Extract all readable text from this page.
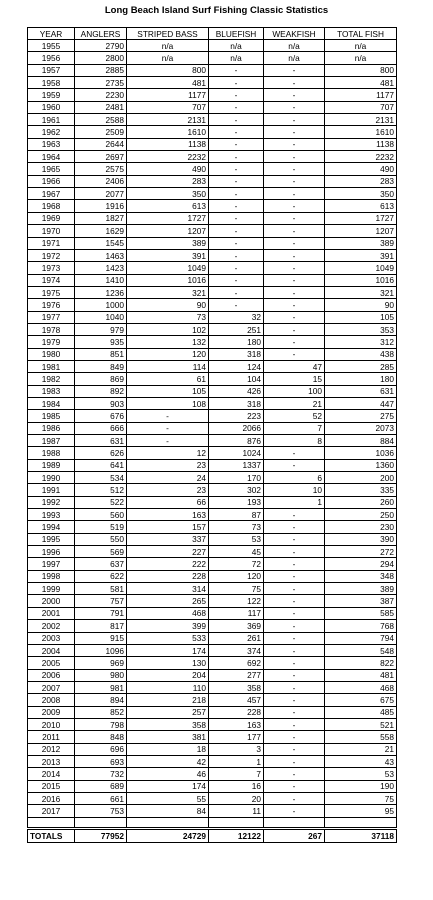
Long Beach Island Surf Fishing Classic Statistics
YEAR	ANGLERS	STRIPED BASS	BLUEFISH	WEAKFISH	TOTAL FISH
1955	2790	n/a	n/a	n/a	n/a
1956	2800	n/a	n/a	n/a	n/a
1957	2885	800	-	-	800
1958	2735	481	-	-	481
1959	2230	1177	-	-	1177
1960	2481	707	-	-	707
1961	2588	2131	-	-	2131
1962	2509	1610	-	-	1610
1963	2644	1138	-	-	1138
1964	2697	2232	-	-	2232
1965	2575	490	-	-	490
1966	2406	283	-	-	283
1967	2077	350	-	-	350
1968	1916	613	-	-	613
1969	1827	1727	-	-	1727
1970	1629	1207	-	-	1207
1971	1545	389	-	-	389
1972	1463	391	-	-	391
1973	1423	1049	-	-	1049
1974	1410	1016	-	-	1016
1975	1236	321	-	-	321
1976	1000	90	-	-	90
1977	1040	73	32	-	105
1978	979	102	251	-	353
1979	935	132	180	-	312
1980	851	120	318	-	438
1981	849	114	124	47	285
1982	869	61	104	15	180
1983	892	105	426	100	631
1984	903	108	318	21	447
1985	676	-	223	52	275
1986	666	-	2066	7	2073
1987	631	-	876	8	884
1988	626	12	1024	-	1036
1989	641	23	1337	-	1360
1990	534	24	170	6	200
1991	512	23	302	10	335
1992	522	66	193	1	260
1993	560	163	87	-	250
1994	519	157	73	-	230
1995	550	337	53	-	390
1996	569	227	45	-	272
1997	637	222	72	-	294
1998	622	228	120	-	348
1999	581	314	75	-	389
2000	757	265	122	-	387
2001	791	468	117	-	585
2002	817	399	369	-	768
2003	915	533	261	-	794
2004	1096	174	374	-	548
2005	969	130	692	-	822
2006	980	204	277	-	481
2007	981	110	358	-	468
2008	894	218	457	-	675
2009	852	257	228	-	485
2010	798	358	163	-	521
2011	848	381	177	-	558
2012	696	18	3	-	21
2013	693	42	1	-	43
2014	732	46	7	-	53
2015	689	174	16	-	190
2016	661	55	20	-	75
2017	753	84	11	-	95

TOTALS	77952	24729	12122	267	37118
